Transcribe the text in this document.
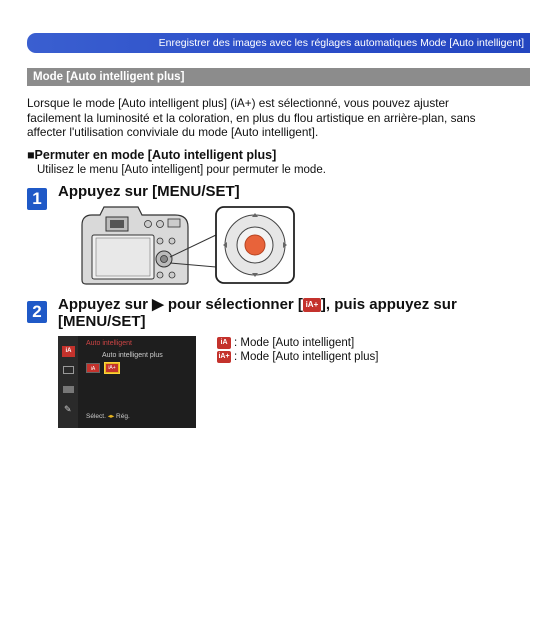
Enregistrer des images avec les réglages automatiques Mode [Auto intelligent]
Mode [Auto intelligent plus]
Lorsque le mode [Auto intelligent plus] (iA+) est sélectionné, vous pouvez ajuster
facilement la luminosité et la coloration, en plus du flou artistique en arrière-plan, sans
affecter l'utilisation conviviale du mode [Auto intelligent].
■Permuter en mode [Auto intelligent plus]
Utilisez le menu [Auto intelligent] pour permuter le mode.
1	Appuyez sur [MENU/SET]
2	Appuyez sur ▶ pour sélectionner [ iA+ ], puis appuyez sur
[MENU/SET]
iA
✎
Auto intelligent
Auto intelligent plus
iA	iA+
Sélect. ◂▸ Rég.
iA : Mode [Auto intelligent]
iA+ : Mode [Auto intelligent plus]
